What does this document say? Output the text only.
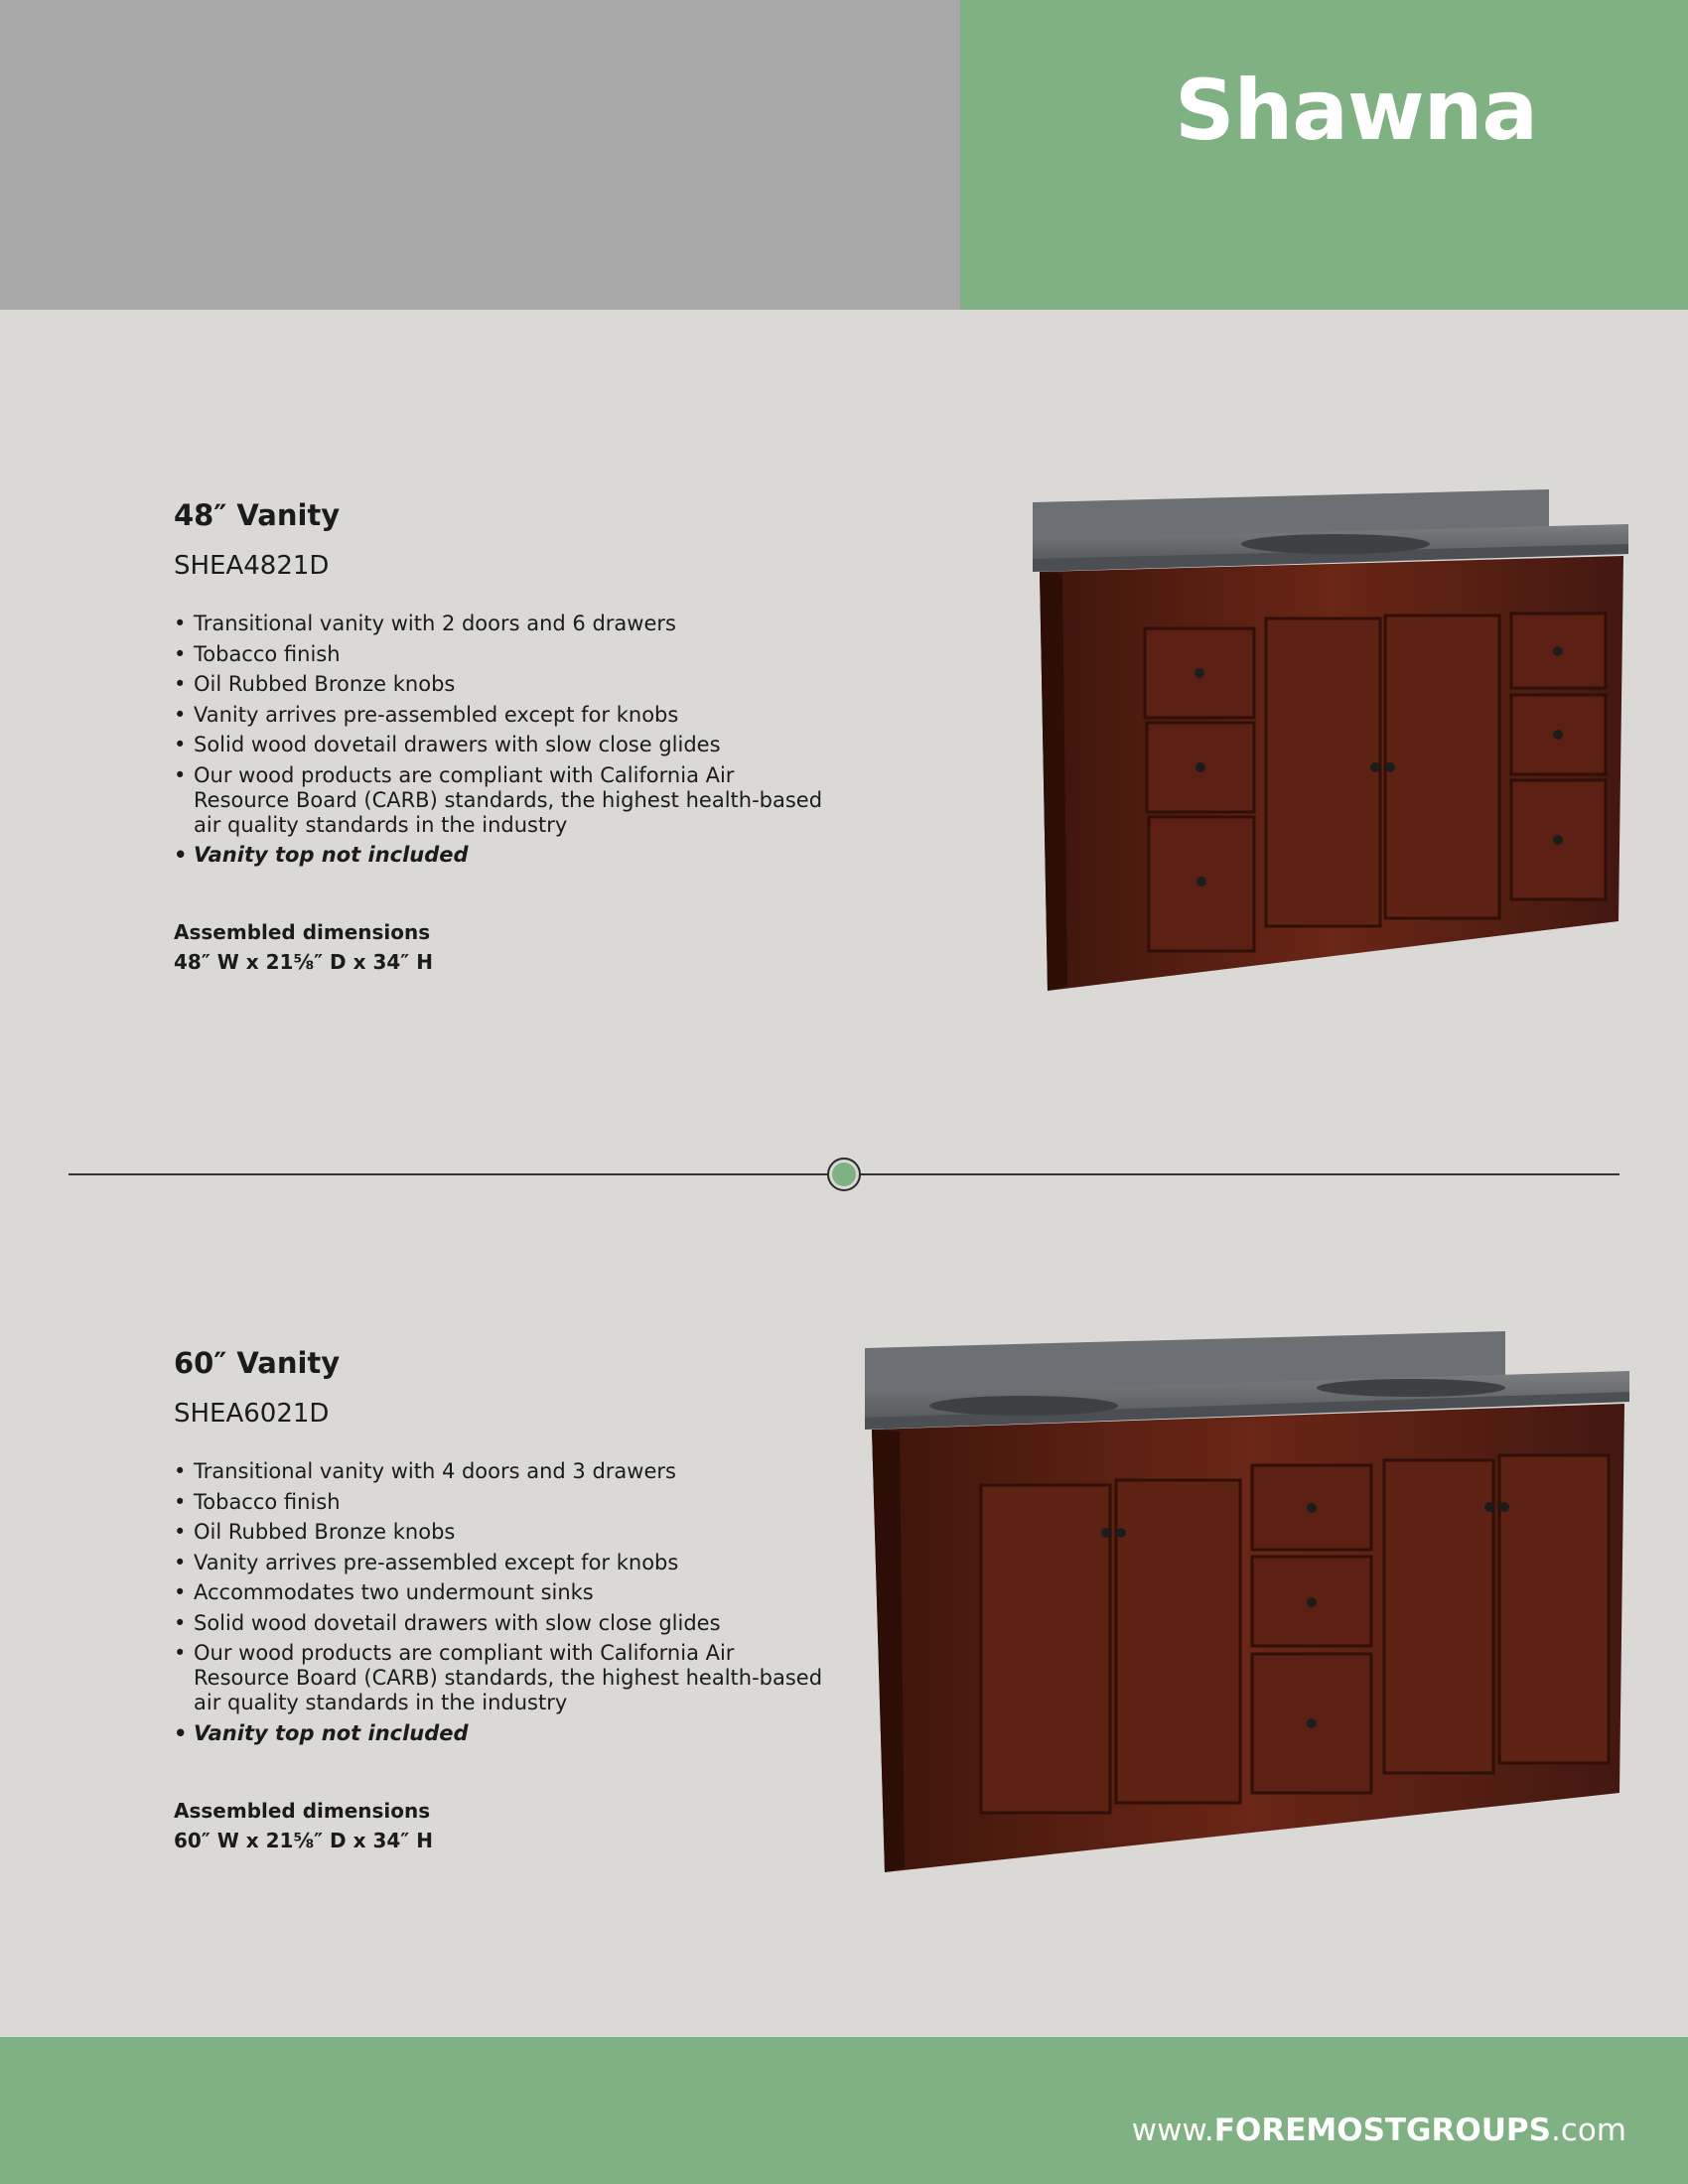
Shawna
48″ Vanity
SHEA4821D
• Transitional vanity with 2 doors and 6 drawers
• Tobacco finish
• Oil Rubbed Bronze knobs
• Vanity arrives pre-assembled except for knobs
• Solid wood dovetail drawers with slow close glides
• Our wood products are compliant with California Air Resource Board (CARB) standards, the highest health-based air quality standards in the industry
• Vanity top not included
Assembled dimensions
48″ W x 21⅝″ D x 34″ H
60″ Vanity
SHEA6021D
• Transitional vanity with 4 doors and 3 drawers
• Tobacco finish
• Oil Rubbed Bronze knobs
• Vanity arrives pre-assembled except for knobs
• Accommodates two undermount sinks
• Solid wood dovetail drawers with slow close glides
• Our wood products are compliant with California Air Resource Board (CARB) standards, the highest health-based air quality standards in the industry
• Vanity top not included
Assembled dimensions
60″ W x 21⅝″ D x 34″ H
www.FOREMOSTGROUPS.com
